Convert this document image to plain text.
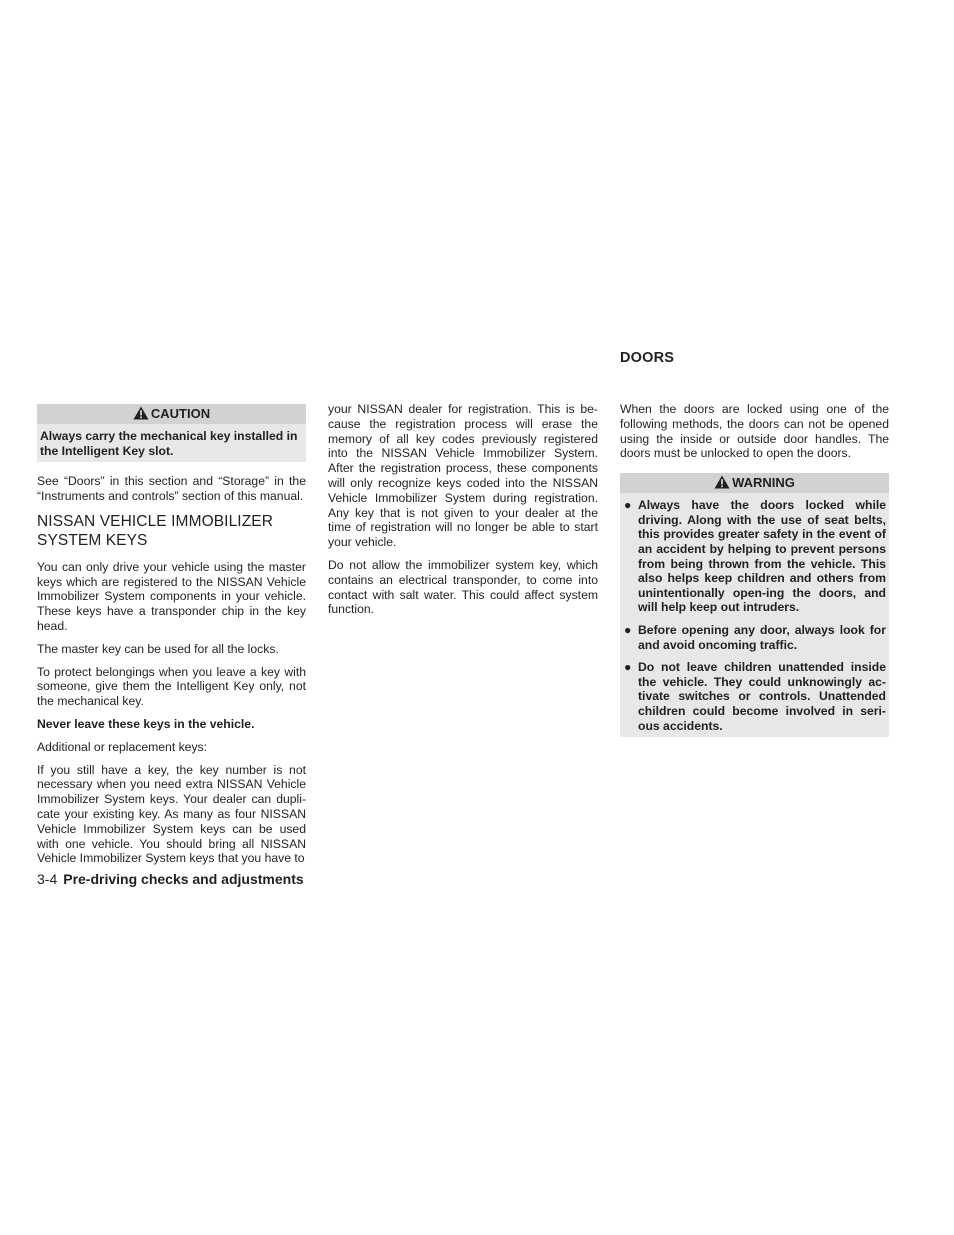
CAUTION
Always carry the mechanical key installed in the Intelligent Key slot.

See “Doors” in this section and “Storage” in the “Instruments and controls” section of this manual.

NISSAN VEHICLE IMMOBILIZER SYSTEM KEYS

You can only drive your vehicle using the master keys which are registered to the NISSAN Vehicle Immobilizer System components in your vehicle. These keys have a transponder chip in the key head.

The master key can be used for all the locks.

To protect belongings when you leave a key with someone, give them the Intelligent Key only, not the mechanical key.

Never leave these keys in the vehicle.

Additional or replacement keys:

If you still have a key, the key number is not necessary when you need extra NISSAN Vehicle Immobilizer System keys. Your dealer can dupli-cate your existing key. As many as four NISSAN Vehicle Immobilizer System keys can be used with one vehicle. You should bring all NISSAN Vehicle Immobilizer System keys that you have to

your NISSAN dealer for registration. This is be-cause the registration process will erase the memory of all key codes previously registered into the NISSAN Vehicle Immobilizer System. After the registration process, these components will only recognize keys coded into the NISSAN Vehicle Immobilizer System during registration. Any key that is not given to your dealer at the time of registration will no longer be able to start your vehicle.

Do not allow the immobilizer system key, which contains an electrical transponder, to come into contact with salt water. This could affect system function.

DOORS

When the doors are locked using one of the following methods, the doors can not be opened using the inside or outside door handles. The doors must be unlocked to open the doors.

WARNING
● Always have the doors locked while driving. Along with the use of seat belts, this provides greater safety in the event of an accident by helping to prevent persons from being thrown from the vehicle. This also helps keep children and others from unintentionally open-ing the doors, and will help keep out intruders.
● Before opening any door, always look for and avoid oncoming traffic.
● Do not leave children unattended inside the vehicle. They could unknowingly ac-tivate switches or controls. Unattended children could become involved in seri-ous accidents.
3-4 Pre-driving checks and adjustments
